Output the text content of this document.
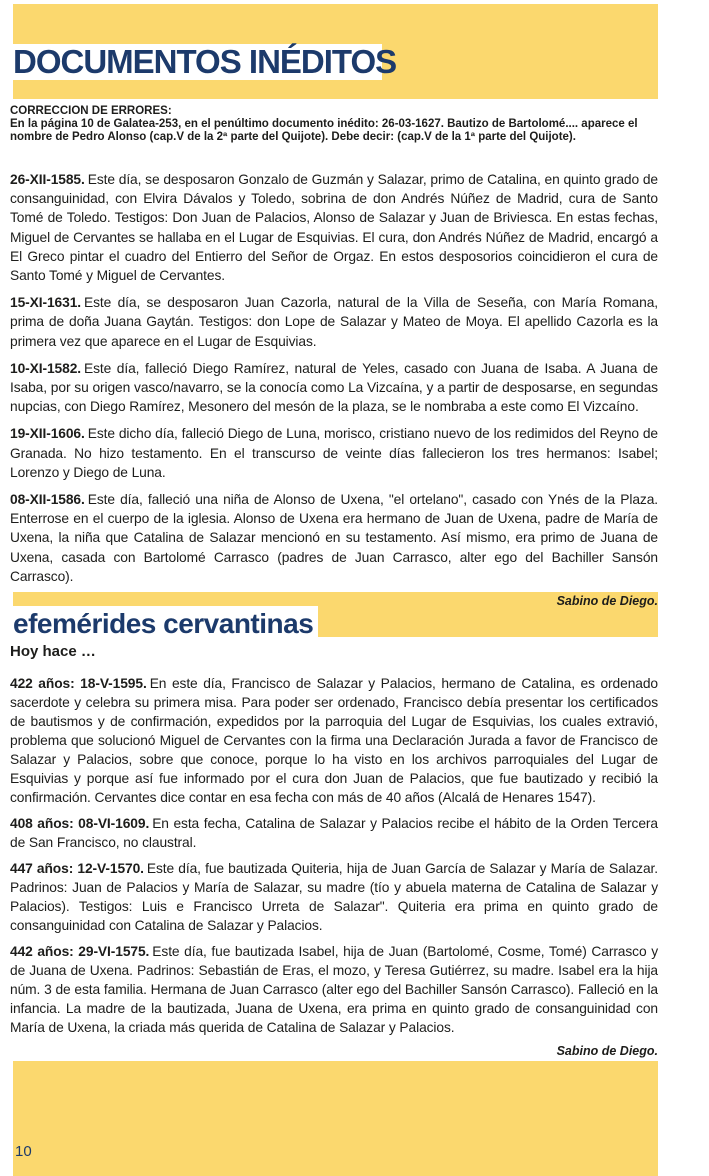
DOCUMENTOS INÉDITOS

CORRECCION DE ERRORES:

En la página 10 de Galatea-253, en el penúltimo documento inédito: 26-03-1627. Bautizo de Bartolomé.... aparece el nombre de Pedro Alonso (cap.V de la 2ª parte del Quijote). Debe decir: (cap.V de la 1ª parte del Quijote).

26-XII-1585. Este día, se desposaron Gonzalo de Guzmán y Salazar, primo de Catalina, en quinto grado de consanguinidad, con Elvira Dávalos y Toledo, sobrina de don Andrés Núñez de Madrid, cura de Santo Tomé de Toledo. Testigos: Don Juan de Palacios, Alonso de Salazar y Juan de Briviesca. En estas fechas, Miguel de Cervantes se hallaba en el Lugar de Esquivias. El cura, don Andrés Núñez de Madrid, encargó a El Greco pintar el cuadro del Entierro del Señor de Orgaz. En estos desposorios coincidieron el cura de Santo Tomé y Miguel de Cervantes.

15-XI-1631. Este día, se desposaron Juan Cazorla, natural de la Villa de Seseña, con María Romana, prima de doña Juana Gaytán. Testigos: don Lope de Salazar y Mateo de Moya. El apellido Cazorla es la primera vez que aparece en el Lugar de Esquivias.

10-XI-1582. Este día, falleció Diego Ramírez, natural de Yeles, casado con Juana de Isaba. A Juana de Isaba, por su origen vasco/navarro, se la conocía como La Vizcaína, y a partir de desposarse, en segundas nupcias, con Diego Ramírez, Mesonero del mesón de la plaza, se le nombraba a este como El Vizcaíno.

19-XII-1606. Este dicho día, falleció Diego de Luna, morisco, cristiano nuevo de los redimidos del Reyno de Granada. No hizo testamento. En el transcurso de veinte días fallecieron los tres hermanos: Isabel; Lorenzo y Diego de Luna.

08-XII-1586. Este día, falleció una niña de Alonso de Uxena, "el ortelano", casado con Ynés de la Plaza. Enterrose en el cuerpo de la iglesia. Alonso de Uxena era hermano de Juan de Uxena, padre de María de Uxena, la niña que Catalina de Salazar mencionó en su testamento. Así mismo, era primo de Juana de Uxena, casada con Bartolomé Carrasco (padres de Juan Carrasco, alter ego del Bachiller Sansón Carrasco).

Sabino de Diego.

efemérides cervantinas

Hoy hace …

422 años: 18-V-1595. En este día, Francisco de Salazar y Palacios, hermano de Catalina, es ordenado sacerdote y celebra su primera misa. Para poder ser ordenado, Francisco debía presentar los certificados de bautismos y de confirmación, expedidos por la parroquia del Lugar de Esquivias, los cuales extravió, problema que solucionó Miguel de Cervantes con la firma una Declaración Jurada a favor de Francisco de Salazar y Palacios, sobre que conoce, porque lo ha visto en los archivos parroquiales del Lugar de Esquivias y porque así fue informado por el cura don Juan de Palacios, que fue bautizado y recibió la confirmación. Cervantes dice contar en esa fecha con más de 40 años (Alcalá de Henares 1547).

408 años: 08-VI-1609. En esta fecha, Catalina de Salazar y Palacios recibe el hábito de la Orden Tercera de San Francisco, no claustral.

447 años: 12-V-1570. Este día, fue bautizada Quiteria, hija de Juan García de Salazar y María de Salazar. Padrinos: Juan de Palacios y María de Salazar, su madre (tío y abuela materna de Catalina de Salazar y Palacios). Testigos: Luis e Francisco Urreta de Salazar". Quiteria era prima en quinto grado de consanguinidad con Catalina de Salazar y Palacios.

442 años: 29-VI-1575. Este día, fue bautizada Isabel, hija de Juan (Bartolomé, Cosme, Tomé) Carrasco y de Juana de Uxena. Padrinos: Sebastián de Eras, el mozo, y Teresa Gutiérrez, su madre. Isabel era la hija núm. 3 de esta familia. Hermana de Juan Carrasco (alter ego del Bachiller Sansón Carrasco). Falleció en la infancia. La madre de la bautizada, Juana de Uxena, era prima en quinto grado de consanguinidad con María de Uxena, la criada más querida de Catalina de Salazar y Palacios.

Sabino de Diego.

10
